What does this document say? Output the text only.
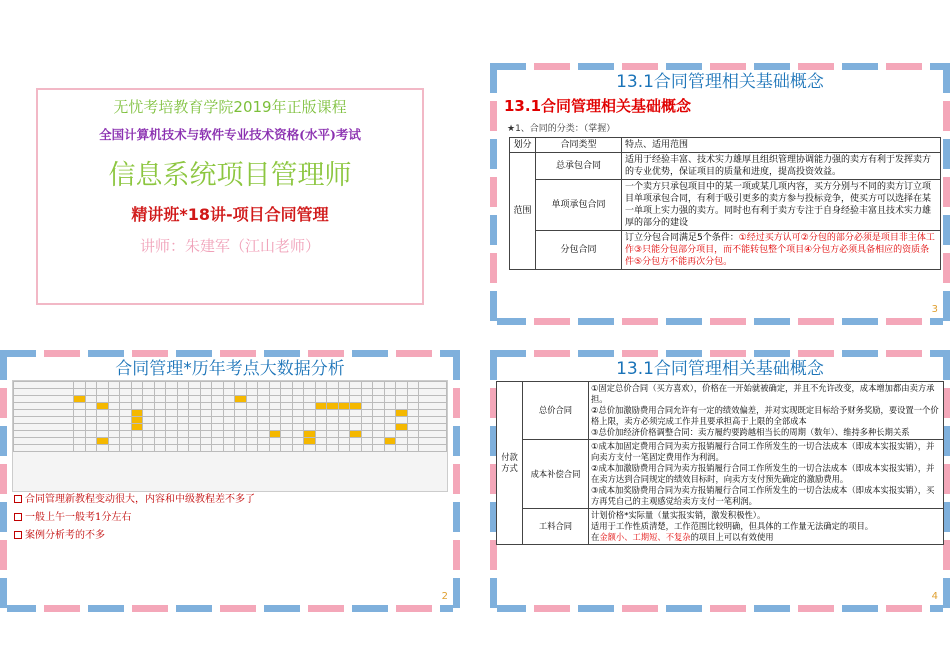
无忧考培教育学院2019年正版课程
全国计算机技术与软件专业技术资格(水平)考试
信息系统项目管理师
精讲班*18讲-项目合同管理
讲师：朱建军（江山老师）
13.1合同管理相关基础概念
13.1合同管理相关基础概念
★1、合同的分类：（掌握）
划分	合同类型	特点、适用范围
范围	总承包合同	适用于经验丰富、技术实力雄厚且组织管理协调能力强的卖方有利于发挥卖方的专业优势，保证项目的质量和进度，提高投资效益。
	单项承包合同	一个卖方只承包项目中的某一项或某几项内容，买方分别与不同的卖方订立项目单项承包合同，有利于吸引更多的卖方参与投标竞争，使买方可以选择在某一单项上实力强的卖方。同时也有利于卖方专注于自身经验丰富且技术实力雄厚的部分的建设
	分包合同	订立分包合同满足5个条件：①经过买方认可②分包的部分必须是项目非主体工作③只能分包部分项目，而不能转包整个项目④分包方必须具备相应的资质条件⑤分包方不能再次分包。
3
合同管理*历年考点大数据分析

合同管理新教程变动很大，内容和中级教程差不多了
一般上午一般考1分左右
案例分析考的不多
2
13.1合同管理相关基础概念
付款方式	总价合同	①固定总价合同（买方喜欢），价格在一开始就被确定，并且不允许改变，成本增加都由卖方承担。
②总价加激励费用合同允许有一定的绩效偏差，并对实现既定目标给予财务奖励，要设置一个价格上限，卖方必须完成工作并且要承担高于上限的全部成本
③总价加经济价格调整合同：卖方履约要跨越相当长的周期（数年）、维持多种长期关系

	成本补偿合同	①成本加固定费用合同为卖方报销履行合同工作所发生的一切合法成本（即成本实报实销），并向卖方支付一笔固定费用作为利润。
②成本加激励费用合同为卖方报销履行合同工作所发生的一切合法成本（即成本实报实销），并在卖方达到合同规定的绩效目标时，向卖方支付预先确定的激励费用。
③成本加奖励费用合同为卖方报销履行合同工作所发生的一切合法成本（即成本实报实销），买方再凭自己的主观感觉给卖方支付一笔利润。

	工料合同	计划价格*实际量（量实报实销，激发积极性）。
适用于工作性质清楚，工作范围比较明确，但具体的工作量无法确定的项目。
在金额小、工期短、不复杂的项目上可以有效使用
4
